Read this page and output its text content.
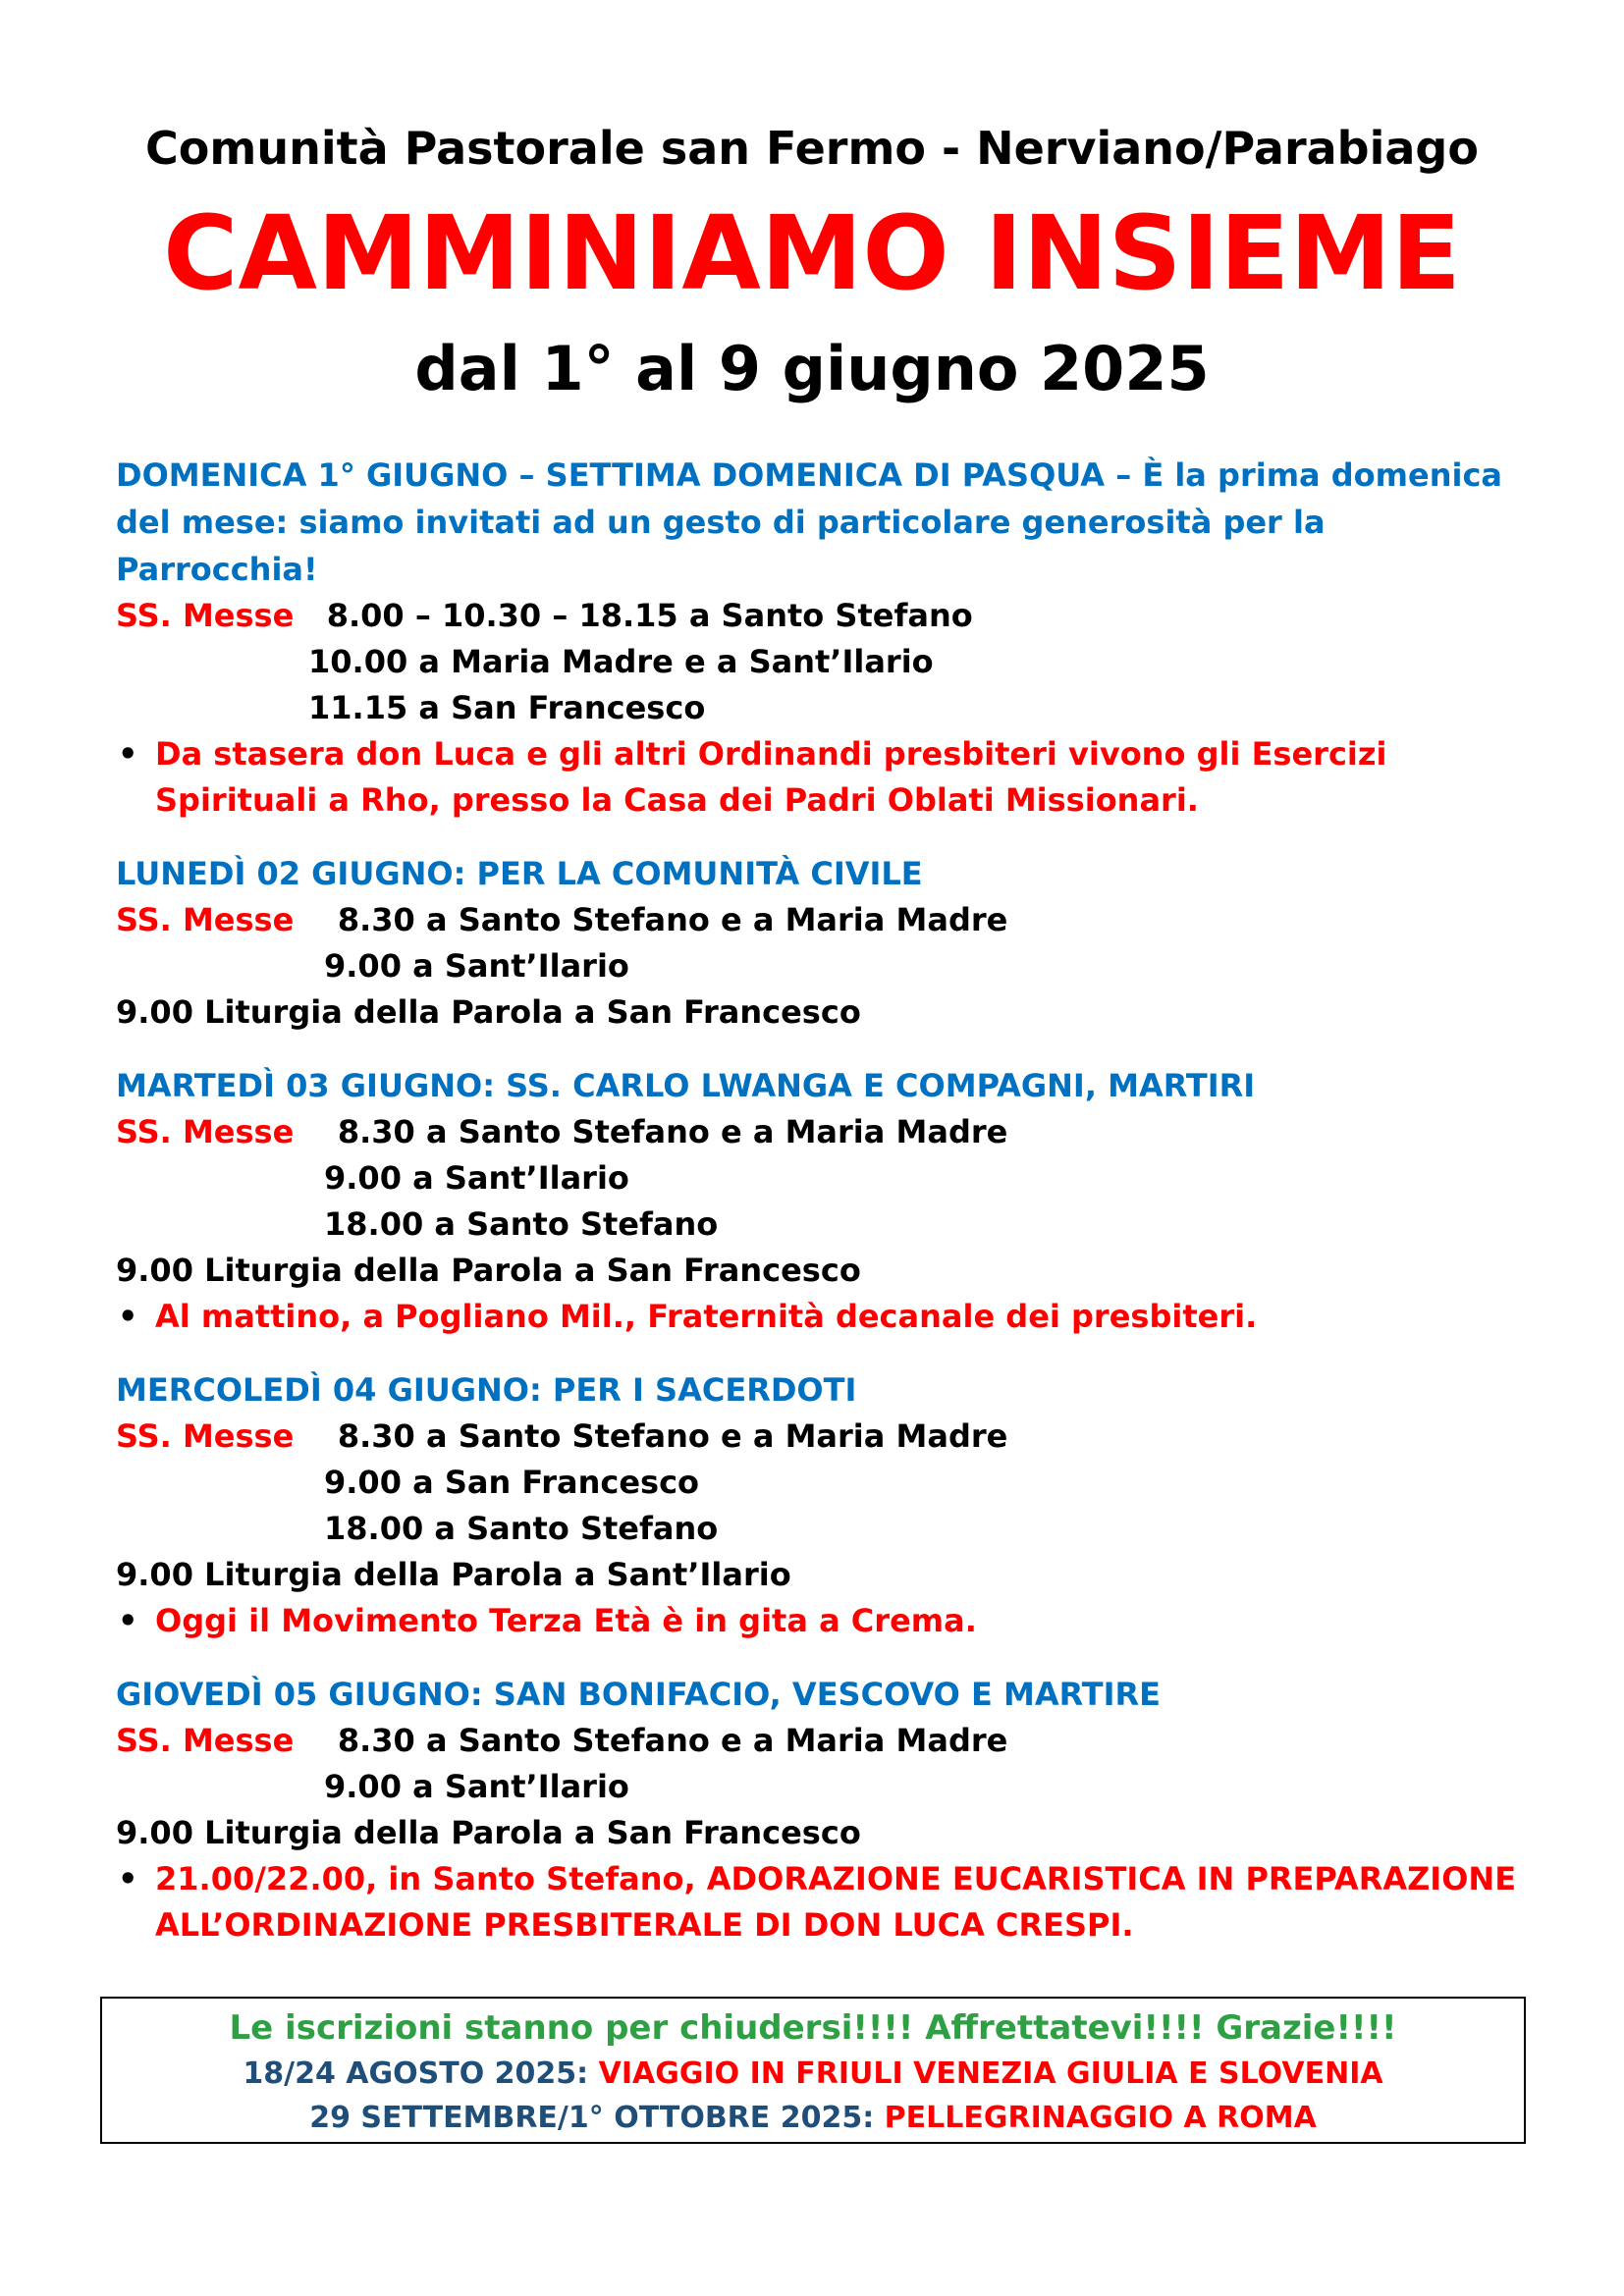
Comunità Pastorale san Fermo - Nerviano/Parabiago
CAMMINIAMO INSIEME
dal 1° al 9 giugno 2025
DOMENICA 1° GIUGNO – SETTIMA DOMENICA DI PASQUA – È la prima domenica del mese: siamo invitati ad un gesto di particolare generosità per la Parrocchia!
SS. Messe 8.00 – 10.30 – 18.15 a Santo Stefano
10.00 a Maria Madre e a Sant’Ilario
11.15 a San Francesco
• Da stasera don Luca e gli altri Ordinandi presbiteri vivono gli Esercizi Spirituali a Rho, presso la Casa dei Padri Oblati Missionari.
LUNEDÌ 02 GIUGNO: PER LA COMUNITÀ CIVILE
SS. Messe 8.30 a Santo Stefano e a Maria Madre
9.00 a Sant’Ilario
9.00 Liturgia della Parola a San Francesco
MARTEDÌ 03 GIUGNO: SS. CARLO LWANGA E COMPAGNI, MARTIRI
SS. Messe 8.30 a Santo Stefano e a Maria Madre
9.00 a Sant’Ilario
18.00 a Santo Stefano
9.00 Liturgia della Parola a San Francesco
• Al mattino, a Pogliano Mil., Fraternità decanale dei presbiteri.
MERCOLEDÌ 04 GIUGNO: PER I SACERDOTI
SS. Messe 8.30 a Santo Stefano e a Maria Madre
9.00 a San Francesco
18.00 a Santo Stefano
9.00 Liturgia della Parola a Sant’Ilario
• Oggi il Movimento Terza Età è in gita a Crema.
GIOVEDÌ 05 GIUGNO: SAN BONIFACIO, VESCOVO E MARTIRE
SS. Messe 8.30 a Santo Stefano e a Maria Madre
9.00 a Sant’Ilario
9.00 Liturgia della Parola a San Francesco
• 21.00/22.00, in Santo Stefano, ADORAZIONE EUCARISTICA IN PREPARAZIONE
ALL’ORDINAZIONE PRESBITERALE DI DON LUCA CRESPI.
Le iscrizioni stanno per chiudersi!!!! Affrettatevi!!!! Grazie!!!!
18/24 AGOSTO 2025: VIAGGIO IN FRIULI VENEZIA GIULIA E SLOVENIA
29 SETTEMBRE/1° OTTOBRE 2025: PELLEGRINAGGIO A ROMA
